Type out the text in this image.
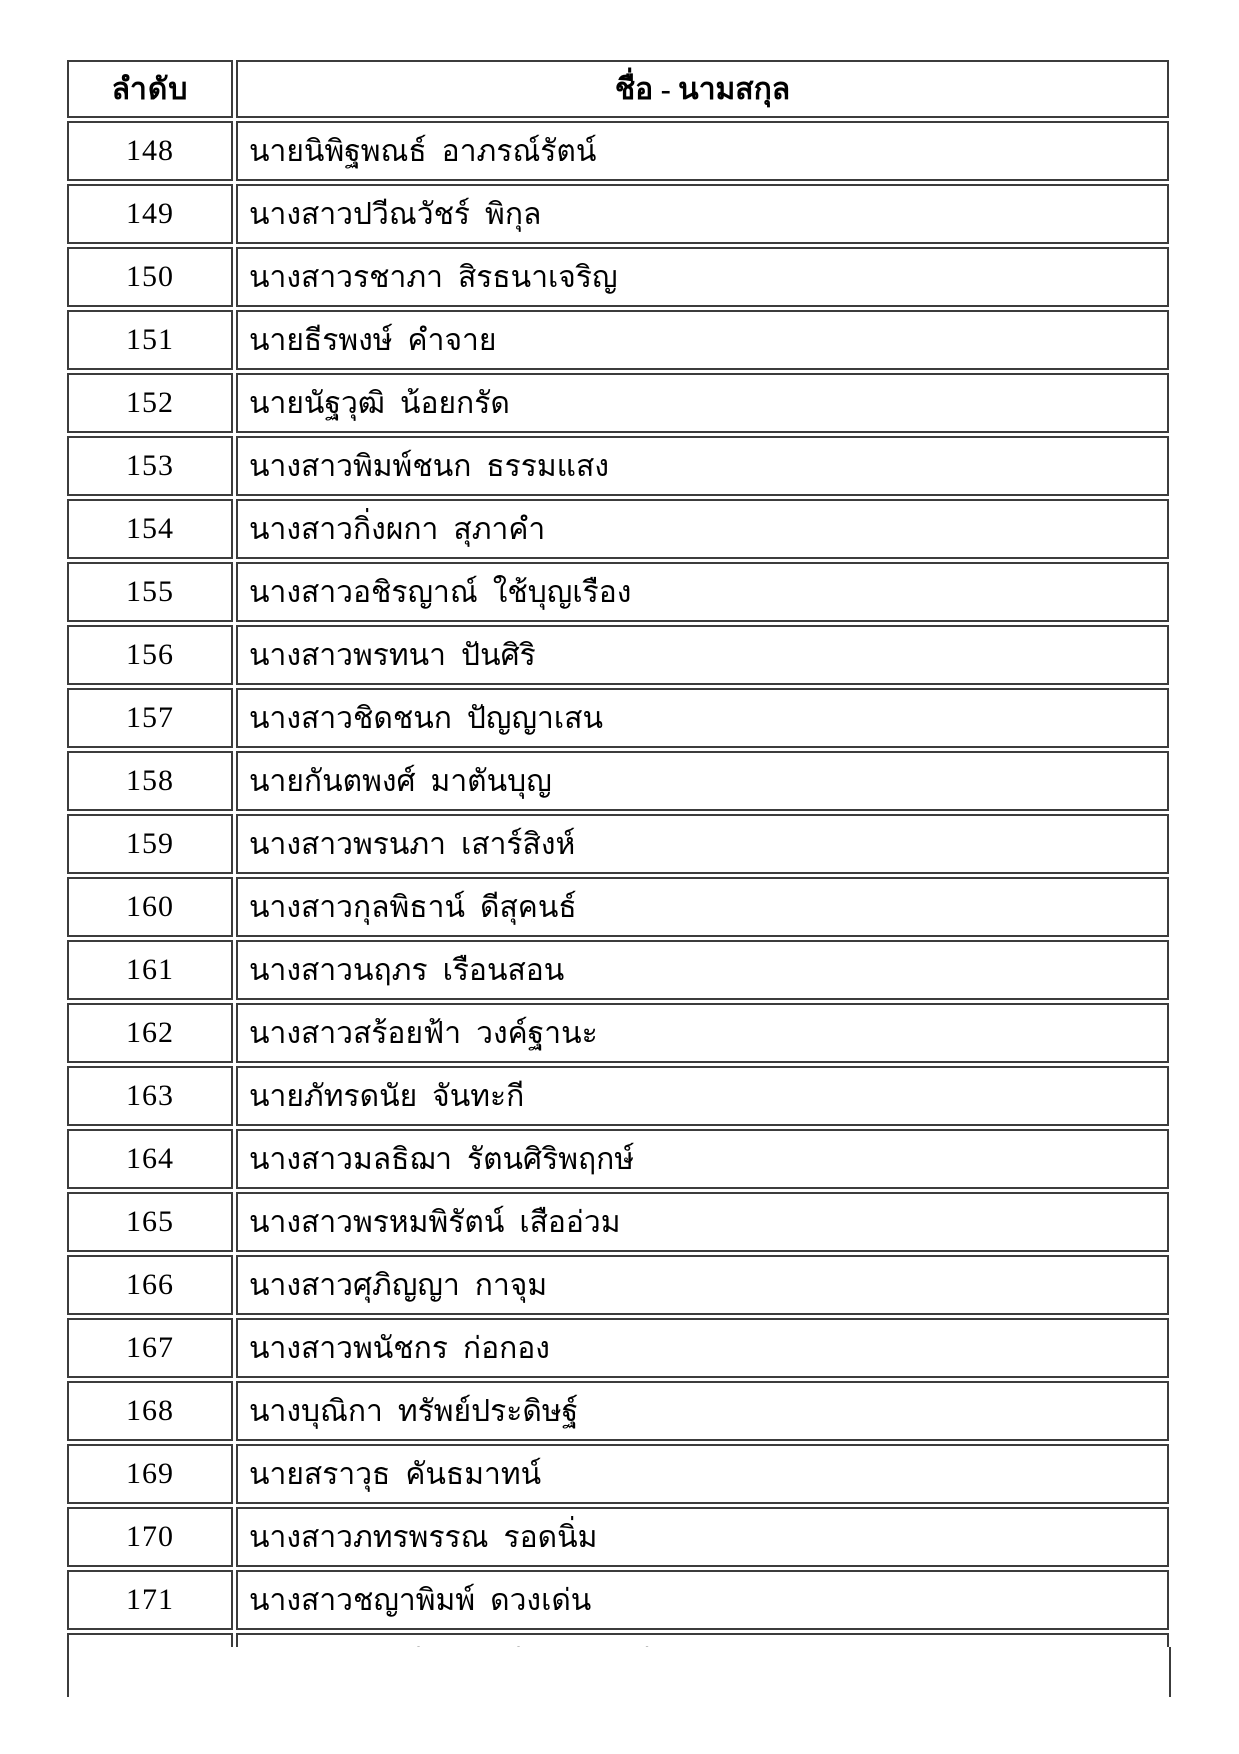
ลำดับ	ชื่อ - นามสกุล
148	นายนิพิฐพณธ์  อาภรณ์รัตน์
149	นางสาวปวีณวัชร์  พิกุล
150	นางสาวรชาภา  สิรธนาเจริญ
151	นายธีรพงษ์  คำจาย
152	นายนัฐวุฒิ  น้อยกรัด
153	นางสาวพิมพ์ชนก  ธรรมแสง
154	นางสาวกิ่งผกา  สุภาคำ
155	นางสาวอชิรญาณ์  ใช้บุญเรือง
156	นางสาวพรทนา  ปันศิริ
157	นางสาวชิดชนก  ปัญญาเสน
158	นายกันตพงศ์  มาตันบุญ
159	นางสาวพรนภา  เสาร์สิงห์
160	นางสาวกุลพิธาน์  ดีสุคนธ์
161	นางสาวนฤภร  เรือนสอน
162	นางสาวสร้อยฟ้า  วงค์ฐานะ
163	นายภัทรดนัย  จันทะกี
164	นางสาวมลธิฌา  รัตนศิริพฤกษ์
165	นางสาวพรหมพิรัตน์  เสืออ่วม
166	นางสาวศุภิญญา  กาจุม
167	นางสาวพนัชกร  ก่อกอง
168	นางบุณิกา  ทรัพย์ประดิษฐ์
169	นายสราวุธ  คันธมาทน์
170	นางสาวภทรพรรณ  รอดนิ่ม
171	นางสาวชญาพิมพ์  ดวงเด่น
